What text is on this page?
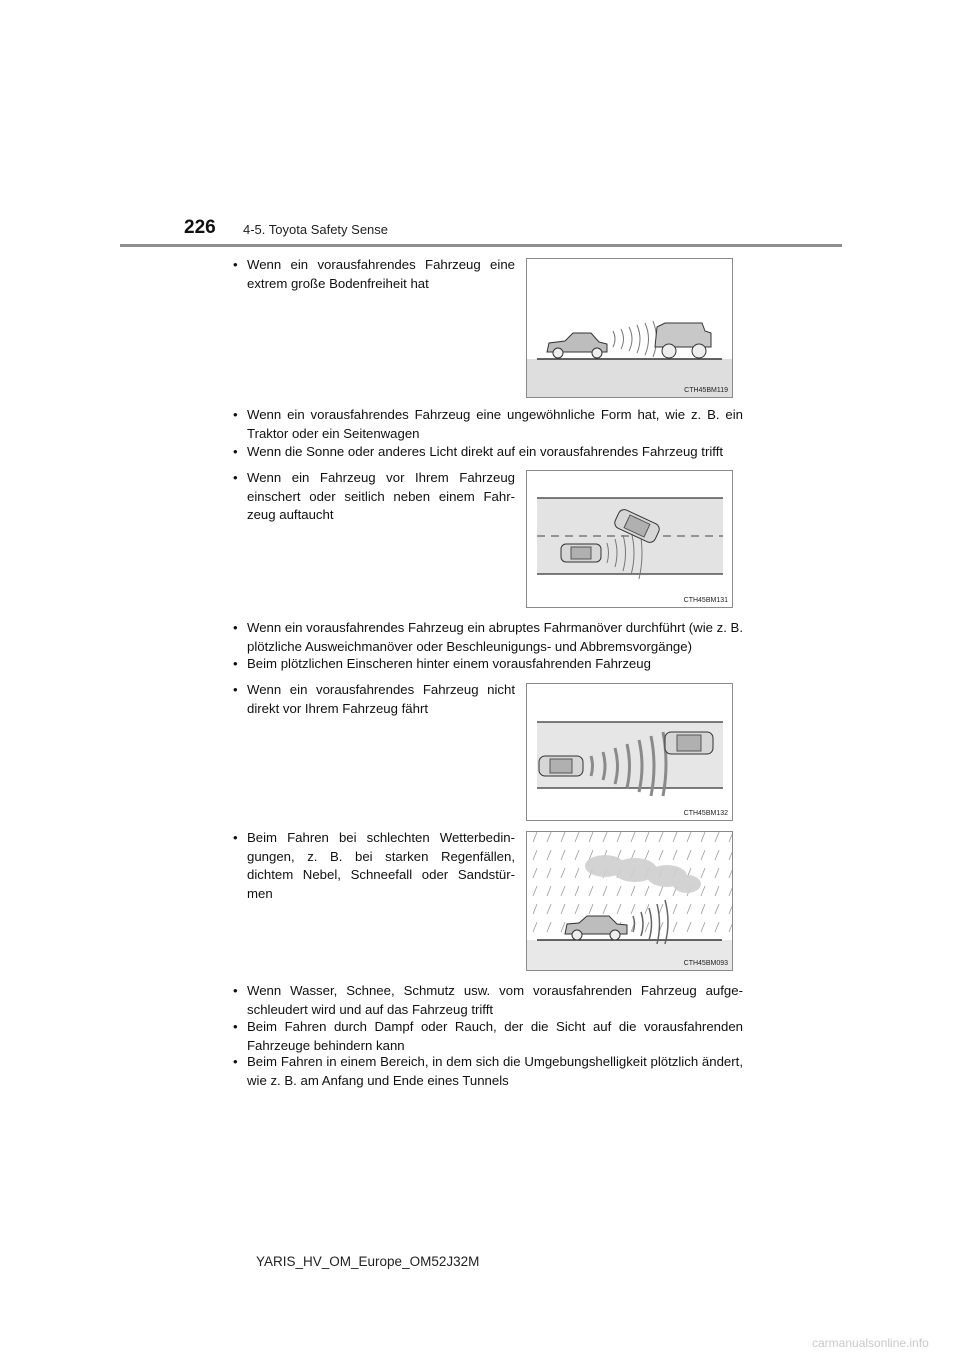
226 4-5. Toyota Safety Sense
• Wenn ein vorausfahrendes Fahrzeug eine extrem große Bodenfreiheit hat
CTH45BM119
• Wenn ein vorausfahrendes Fahrzeug eine ungewöhnliche Form hat, wie z. B. ein Traktor oder ein Seitenwagen
• Wenn die Sonne oder anderes Licht direkt auf ein vorausfahrendes Fahrzeug trifft
• Wenn ein Fahrzeug vor Ihrem Fahrzeug einschert oder seitlich neben einem Fahr-zeug auftaucht
CTH45BM131
• Wenn ein vorausfahrendes Fahrzeug ein abruptes Fahrmanöver durchführt (wie z. B. plötzliche Ausweichmanöver oder Beschleunigungs- und Abbremsvorgänge)
• Beim plötzlichen Einscheren hinter einem vorausfahrenden Fahrzeug
• Wenn ein vorausfahrendes Fahrzeug nicht direkt vor Ihrem Fahrzeug fährt
CTH45BM132
• Beim Fahren bei schlechten Wetterbedin-gungen, z. B. bei starken Regenfällen, dichtem Nebel, Schneefall oder Sandstür-men
CTH45BM093
• Wenn Wasser, Schnee, Schmutz usw. vom vorausfahrenden Fahrzeug aufge-schleudert wird und auf das Fahrzeug trifft
• Beim Fahren durch Dampf oder Rauch, der die Sicht auf die vorausfahrenden Fahrzeuge behindern kann
• Beim Fahren in einem Bereich, in dem sich die Umgebungshelligkeit plötzlich ändert, wie z. B. am Anfang und Ende eines Tunnels
YARIS_HV_OM_Europe_OM52J32M
carmanualsonline.info
